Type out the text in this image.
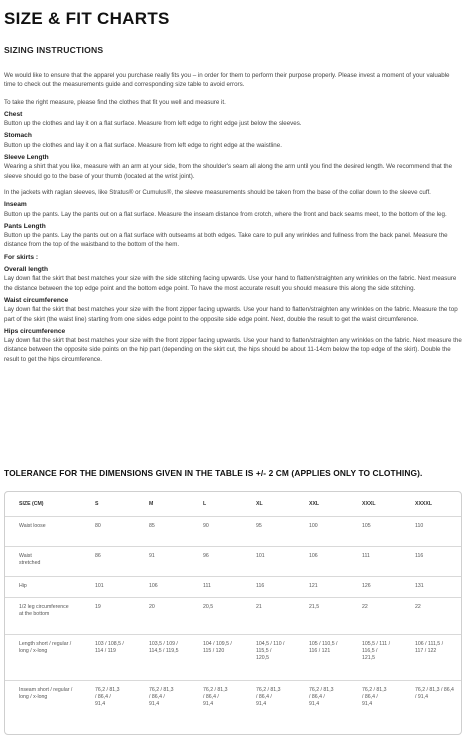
SIZE & FIT CHARTS
SIZING INSTRUCTIONS

We would like to ensure that the apparel you purchase really fits you – in order for them to perform their purpose properly. Please invest a moment of your valuable time to check out the measurements guide and corresponding size table to avoid errors.

To take the right measure, please find the clothes that fit you well and measure it.

Chest

Button up the clothes and lay it on a flat surface. Measure from left edge to right edge just below the sleeves.

Stomach

Button up the clothes and lay it on a flat surface. Measure from left edge to right edge at the waistline.

Sleeve Length

Wearing a shirt that you like, measure with an arm at your side, from the shoulder's seam all along the arm until you find the desired length. We recommend that the sleeve should go to the base of your thumb (located at the wrist joint).

In the jackets with raglan sleeves, like Stratus® or Cumulus®, the sleeve measurements should be taken from the base of the collar down to the sleeve cuff.

Inseam

Button up the pants. Lay the pants out on a flat surface. Measure the inseam distance from crotch, where the front and back seams meet, to the bottom of the leg.

Pants Length

Button up the pants. Lay the pants out on a flat surface with outseams at both edges. Take care to pull any wrinkles and fullness from the back panel. Measure the distance from the top of the waistband to the bottom of the hem.

For skirts :

Overall length

Lay down flat the skirt that best matches your size with the side stitching facing upwards. Use your hand to flatten/straighten any wrinkles on the fabric. Next measure the distance between the top edge point and the bottom edge point. To have the most accurate result you should measure this along the side stitching.

Waist circumference

Lay down flat the skirt that best matches your size with the front zipper facing upwards. Use your hand to flatten/straighten any wrinkles on the fabric. Measure the top part of the skirt (the waist line) starting from one sides edge point to the opposite side edge point. Next, double the result to get the waist circumference.

Hips circumference

Lay down flat the skirt that best matches your size with the front zipper facing upwards. Use your hand to flatten/straighten any wrinkles on the fabric. Next measure the distance between the opposite side points on the hip part (depending on the skirt cut, the hips should be about 11-14cm below the top edge of the skirt). Double the result to get the hips circumference.

TOLERANCE FOR THE DIMENSIONS GIVEN IN THE TABLE IS +/- 2 CM (APPLIES ONLY TO CLOTHING).
SIZE (CM)	S	M	L	XL	XXL	XXXL	XXXXL
Waist loose	80	85	90	95	100	105	110
Waist stretched	86	91	96	101	106	111	116
Hip	101	106	111	116	121	126	131
1/2 leg circumference at the bottom	19	20	20,5	21	21,5	22	22
Length short / regular / long / x-long	103 / 108,5 / 114 / 119	103,5 / 109 / 114,5 / 119,5	104 / 109,5 / 115 / 120	104,5 / 110 / 115,5 / 120,5	105 / 110,5 / 116 / 121	105,5 / 111 / 116,5 / 121,5	106 / 111,5 / 117 / 122
Inseam short / regular / long / x-long	76,2 / 81,3 / 86,4 / 91,4	76,2 / 81,3 / 86,4 / 91,4	76,2 / 81,3 / 86,4 / 91,4	76,2 / 81,3 / 86,4 / 91,4	76,2 / 81,3 / 86,4 / 91,4	76,2 / 81,3 / 86,4 / 91,4	76,2 / 81,3 / 86,4 / 91,4
